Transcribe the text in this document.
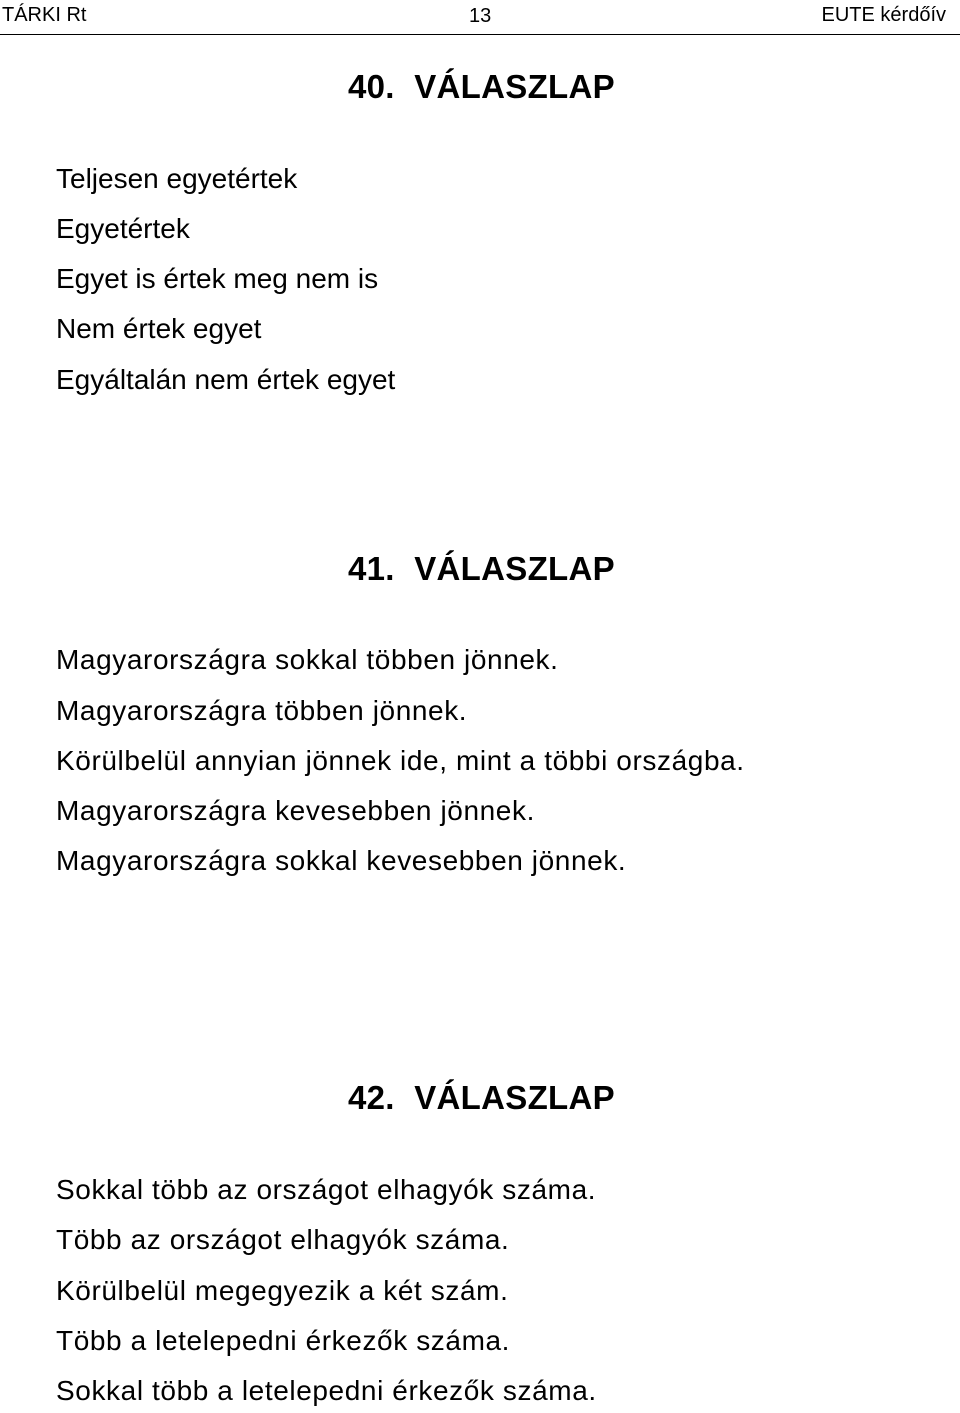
TÁRKI Rt	13	EUTE kérdőív
40. VÁLASZLAP
Teljesen egyetértek
Egyetértek
Egyet is értek meg nem is
Nem értek egyet
Egyáltalán nem értek egyet
41. VÁLASZLAP
Magyarországra sokkal többen jönnek.
Magyarországra többen jönnek.
Körülbelül annyian jönnek ide, mint a többi országba.
Magyarországra kevesebben jönnek.
Magyarországra sokkal kevesebben jönnek.
42. VÁLASZLAP
Sokkal több az országot elhagyók száma.
Több az országot elhagyók száma.
Körülbelül megegyezik a két szám.
Több a letelepedni érkezők száma.
Sokkal több a letelepedni érkezők száma.
